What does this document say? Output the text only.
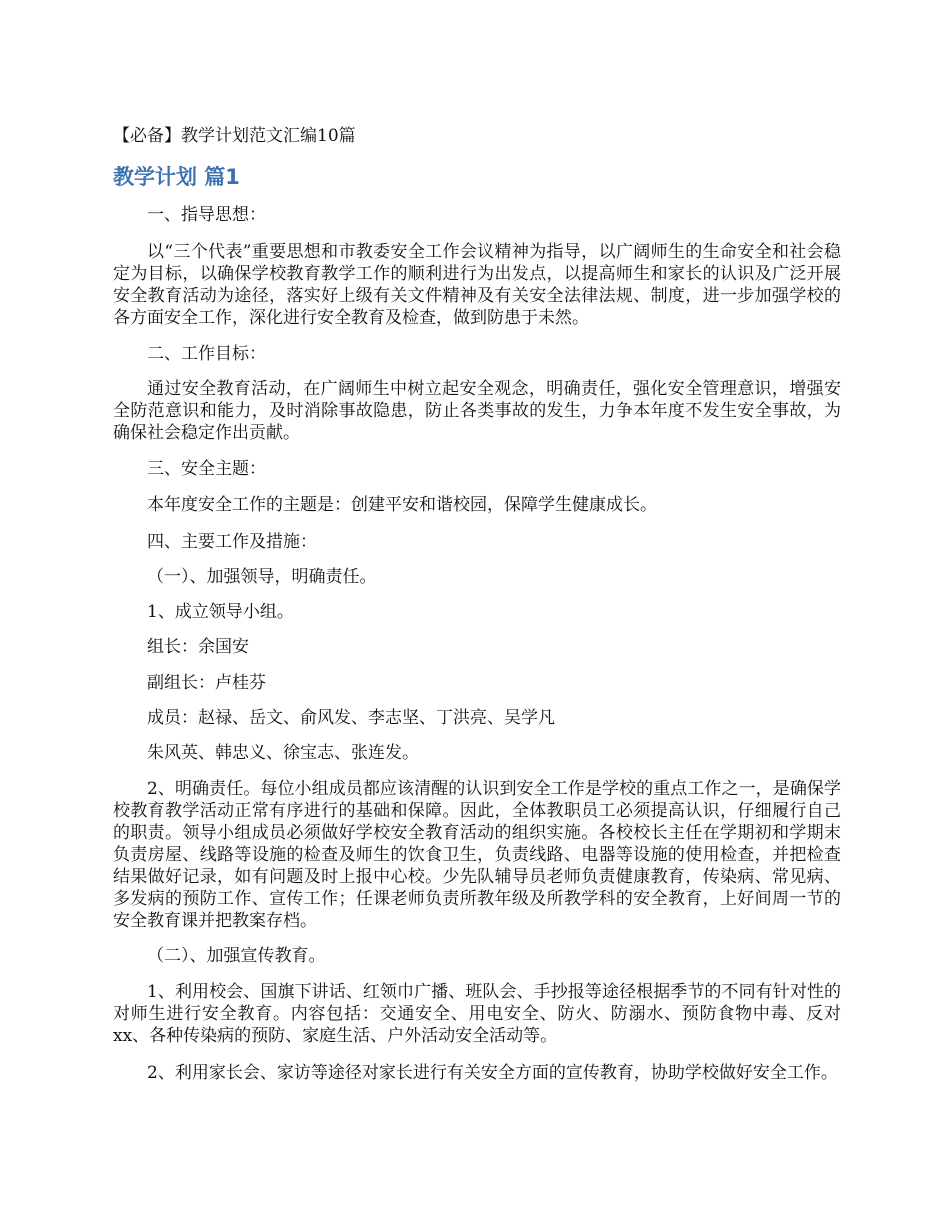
【必备】教学计划范文汇编10篇
教学计划 篇1

一、指导思想：

以“三个代表”重要思想和市教委安全工作会议精神为指导，以广阔师生的生命安全和社会稳定为目标，以确保学校教育教学工作的顺利进行为出发点，以提高师生和家长的认识及广泛开展安全教育活动为途径，落实好上级有关文件精神及有关安全法律法规、制度，进一步加强学校的各方面安全工作，深化进行安全教育及检查，做到防患于未然。

二、工作目标：

通过安全教育活动，在广阔师生中树立起安全观念，明确责任，强化安全管理意识，增强安全防范意识和能力，及时消除事故隐患，防止各类事故的发生，力争本年度不发生安全事故，为确保社会稳定作出贡献。

三、安全主题：

本年度安全工作的主题是：创建平安和谐校园，保障学生健康成长。

四、主要工作及措施：

（一）、加强领导，明确责任。

1、成立领导小组。

组长：余国安

副组长：卢桂芬

成员：赵禄、岳文、俞风发、李志坚、丁洪亮、吴学凡

朱风英、韩忠义、徐宝志、张连发。

2、明确责任。每位小组成员都应该清醒的认识到安全工作是学校的重点工作之一，是确保学校教育教学活动正常有序进行的基础和保障。因此，全体教职员工必须提高认识，仔细履行自己的职责。领导小组成员必须做好学校安全教育活动的组织实施。各校校长主任在学期初和学期末负责房屋、线路等设施的检查及师生的饮食卫生，负责线路、电器等设施的使用检查，并把检查结果做好记录，如有问题及时上报中心校。少先队辅导员老师负责健康教育，传染病、常见病、多发病的预防工作、宣传工作；任课老师负责所教年级及所教学科的安全教育，上好间周一节的安全教育课并把教案存档。

（二）、加强宣传教育。

1、利用校会、国旗下讲话、红领巾广播、班队会、手抄报等途径根据季节的不同有针对性的对师生进行安全教育。内容包括：交通安全、用电安全、防火、防溺水、预防食物中毒、反对xx、各种传染病的预防、家庭生活、户外活动安全活动等。

2、利用家长会、家访等途径对家长进行有关安全方面的宣传教育，协助学校做好安全工作。
